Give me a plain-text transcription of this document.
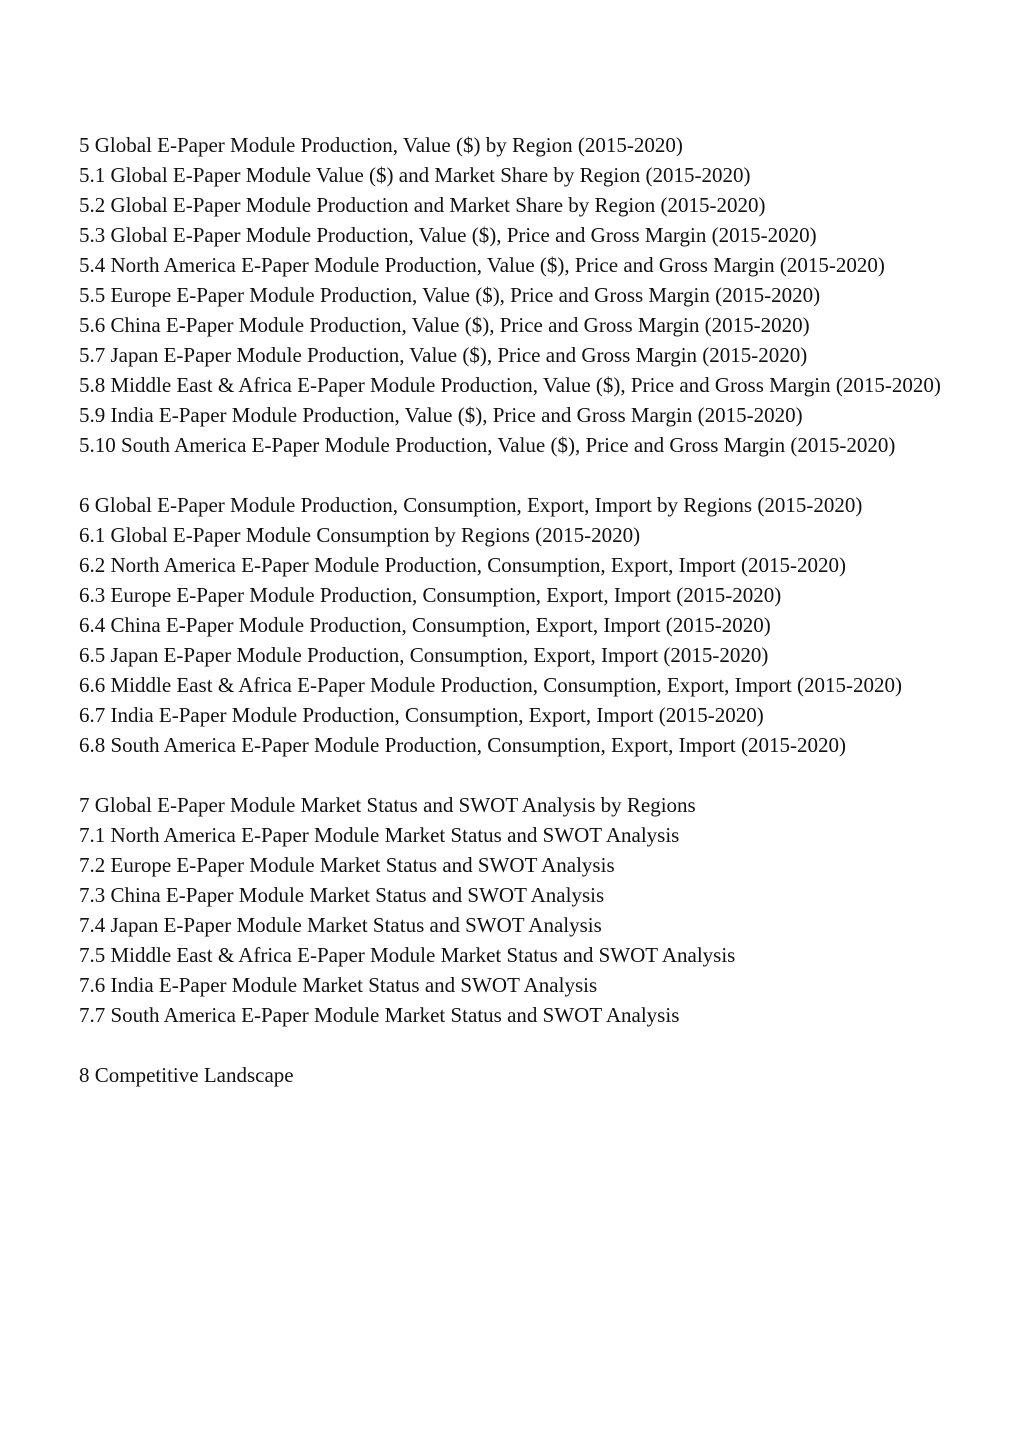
5 Global E-Paper Module Production, Value ($) by Region (2015-2020)
5.1 Global E-Paper Module Value ($) and Market Share by Region (2015-2020)
5.2 Global E-Paper Module Production and Market Share by Region (2015-2020)
5.3 Global E-Paper Module Production, Value ($), Price and Gross Margin (2015-2020)
5.4 North America E-Paper Module Production, Value ($), Price and Gross Margin (2015-2020)
5.5 Europe E-Paper Module Production, Value ($), Price and Gross Margin (2015-2020)
5.6 China E-Paper Module Production, Value ($), Price and Gross Margin (2015-2020)
5.7 Japan E-Paper Module Production, Value ($), Price and Gross Margin (2015-2020)
5.8 Middle East & Africa E-Paper Module Production, Value ($), Price and Gross Margin (2015-2020)
5.9 India E-Paper Module Production, Value ($), Price and Gross Margin (2015-2020)
5.10 South America E-Paper Module Production, Value ($), Price and Gross Margin (2015-2020)
6 Global E-Paper Module Production, Consumption, Export, Import by Regions (2015-2020)
6.1 Global E-Paper Module Consumption by Regions (2015-2020)
6.2 North America E-Paper Module Production, Consumption, Export, Import (2015-2020)
6.3 Europe E-Paper Module Production, Consumption, Export, Import (2015-2020)
6.4 China E-Paper Module Production, Consumption, Export, Import (2015-2020)
6.5 Japan E-Paper Module Production, Consumption, Export, Import (2015-2020)
6.6 Middle East & Africa E-Paper Module Production, Consumption, Export, Import (2015-2020)
6.7 India E-Paper Module Production, Consumption, Export, Import (2015-2020)
6.8 South America E-Paper Module Production, Consumption, Export, Import (2015-2020)
7 Global E-Paper Module Market Status and SWOT Analysis by Regions
7.1 North America E-Paper Module Market Status and SWOT Analysis
7.2 Europe E-Paper Module Market Status and SWOT Analysis
7.3 China E-Paper Module Market Status and SWOT Analysis
7.4 Japan E-Paper Module Market Status and SWOT Analysis
7.5 Middle East & Africa E-Paper Module Market Status and SWOT Analysis
7.6 India E-Paper Module Market Status and SWOT Analysis
7.7 South America E-Paper Module Market Status and SWOT Analysis
8 Competitive Landscape
